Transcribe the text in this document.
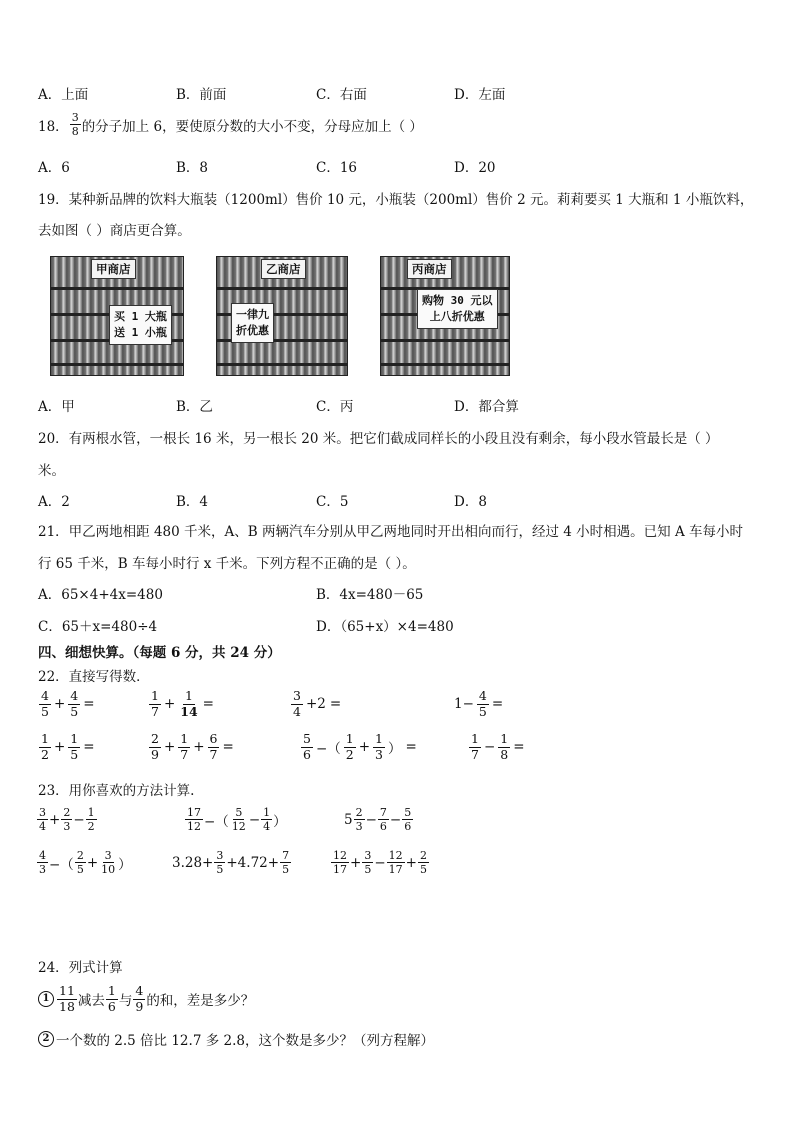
A．上面	B．前面	C．右面	D．左面
18． $\frac{3}{8}$ 的分子加上 6，要使原分数的大小不变，分母应加上（ ）
A．6	B．8	C．16	D．20
19．某种新品牌的饮料大瓶装（1200ml）售价 10 元，小瓶装（200ml）售价 2 元。莉莉要买 1 大瓶和 1 小瓶饮料，
去如图（ ）商店更合算。
甲商店
买 1 大瓶
送 1 小瓶
乙商店
一律九
折优惠
丙商店
购物 30 元以
上八折优惠
A．甲	B．乙	C．丙	D．都合算
20．有两根水管，一根长 16 米，另一根长 20 米。把它们截成同样长的小段且没有剩余，每小段水管最长是（ ）
米。
A．2	B．4	C．5	D．8
21．甲乙两地相距 480 千米，A、B 两辆汽车分别从甲乙两地同时开出相向而行，经过 4 小时相遇。已知 A 车每小时
行 65 千米，B 车每小时行 x 千米。下列方程不正确的是（ ）。
A．65×4+4x=480	B．4x=480－65
C．65＋x=480÷4	D．（65+x）×4=480
四、细想快算。（每题 6 分，共 24 分）
22．直接写得数．
$\frac{4}{5} + \frac{4}{5}$ =	$\frac{1}{7} + \frac{1}{14}$ =	$\frac{3}{4} +2$ =	$1- \frac{4}{5}$ =
$\frac{1}{2} + \frac{1}{5}$ =	$\frac{2}{9} + \frac{1}{7} + \frac{6}{7}$ =	$\frac{5}{6}$ −（ $\frac{1}{2} + \frac{1}{3}$ ） =	$\frac{1}{7} - \frac{1}{8}$ =
23．用你喜欢的方法计算.
$\frac{3}{4} + \frac{2}{3} - \frac{1}{2}$	$\frac{17}{12}$ −（ $\frac{5}{12} - \frac{1}{4}$ ）	$5 \frac{2}{3} - \frac{7}{6} - \frac{5}{6}$
$\frac{4}{3}$ −（ $\frac{2}{5} + \frac{3}{10}$ ）	$3.28+ \frac{3}{5} +4.72+ \frac{7}{5}$	$\frac{12}{17} + \frac{3}{5} - \frac{12}{17} + \frac{2}{5}$
24．列式计算
$1 \frac{11}{18}$ 减去 $\frac{1}{6}$ 与 $\frac{4}{9}$ 的和，差是多少？
2 一个数的 2.5 倍比 12.7 多 2.8，这个数是多少？（列方程解）
